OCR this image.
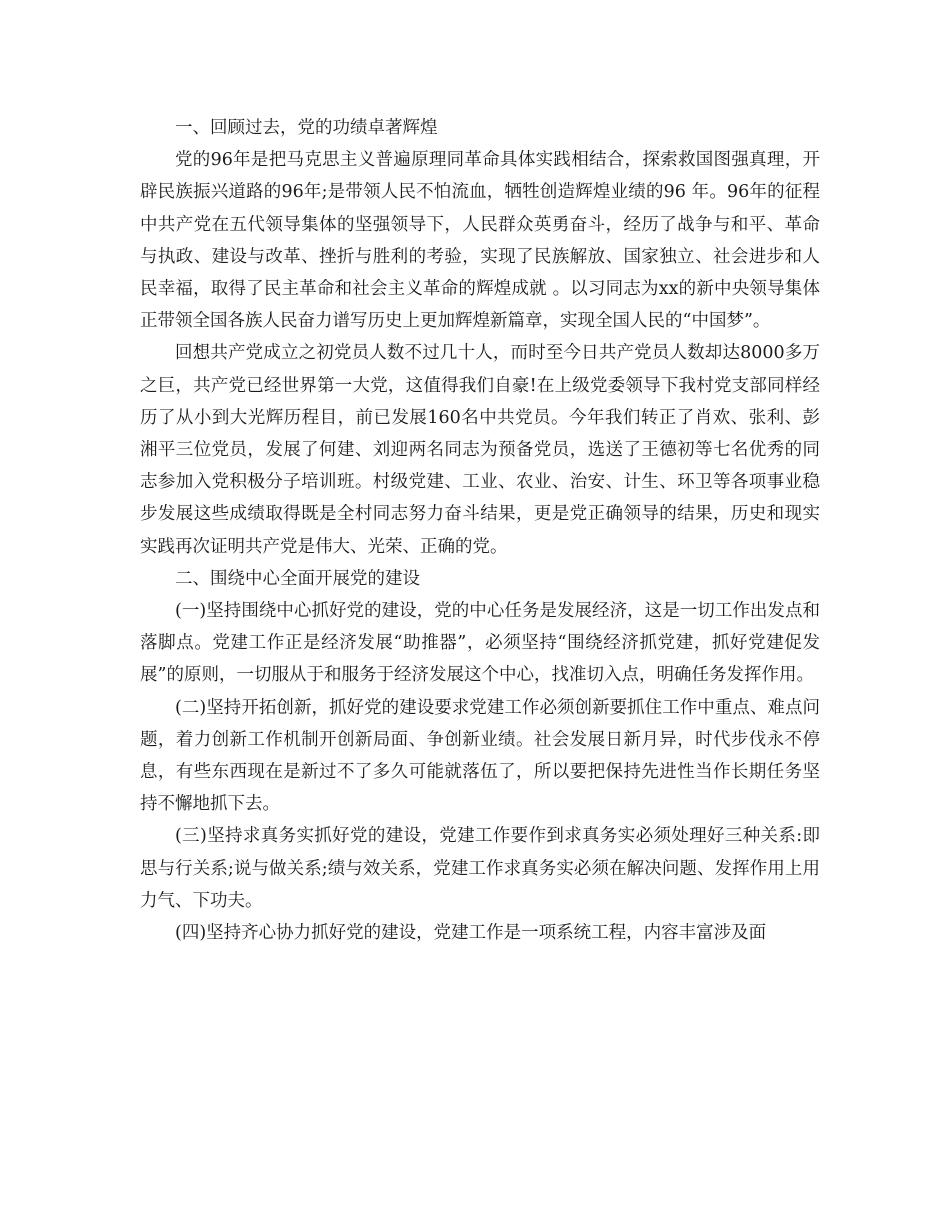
一、回顾过去，党的功绩卓著辉煌

党的96年是把马克思主义普遍原理同革命具体实践相结合，探索救国图强真理，开辟民族振兴道路的96年;是带领人民不怕流血，牺牲创造辉煌业绩的96 年。96年的征程中共产党在五代领导集体的坚强领导下，人民群众英勇奋斗，经历了战争与和平、革命与执政、建设与改革、挫折与胜利的考验，实现了民族解放、国家独立、社会进步和人民幸福，取得了民主革命和社会主义革命的辉煌成就 。以习同志为xx的新中央领导集体正带领全国各族人民奋力谱写历史上更加辉煌新篇章，实现全国人民的“中国梦”。

回想共产党成立之初党员人数不过几十人，而时至今日共产党员人数却达8000多万之巨，共产党已经世界第一大党，这值得我们自豪!在上级党委领导下我村党支部同样经历了从小到大光辉历程目，前已发展160名中共党员。今年我们转正了肖欢、张利、彭湘平三位党员，发展了何建、刘迎两名同志为预备党员，选送了王德初等七名优秀的同志参加入党积极分子培训班。村级党建、工业、农业、治安、计生、环卫等各项事业稳步发展这些成绩取得既是全村同志努力奋斗结果，更是党正确领导的结果，历史和现实实践再次证明共产党是伟大、光荣、正确的党。

二、围绕中心全面开展党的建设

(一)坚持围绕中心抓好党的建设，党的中心任务是发展经济，这是一切工作出发点和落脚点。党建工作正是经济发展“助推器”，必须坚持“围绕经济抓党建，抓好党建促发展”的原则，一切服从于和服务于经济发展这个中心，找准切入点，明确任务发挥作用。

(二)坚持开拓创新，抓好党的建设要求党建工作必须创新要抓住工作中重点、难点问题，着力创新工作机制开创新局面、争创新业绩。社会发展日新月异，时代步伐永不停息，有些东西现在是新过不了多久可能就落伍了，所以要把保持先进性当作长期任务坚持不懈地抓下去。

(三)坚持求真务实抓好党的建设，党建工作要作到求真务实必须处理好三种关系:即思与行关系;说与做关系;绩与效关系，党建工作求真务实必须在解决问题、发挥作用上用力气、下功夫。

(四)坚持齐心协力抓好党的建设，党建工作是一项系统工程，内容丰富涉及面
